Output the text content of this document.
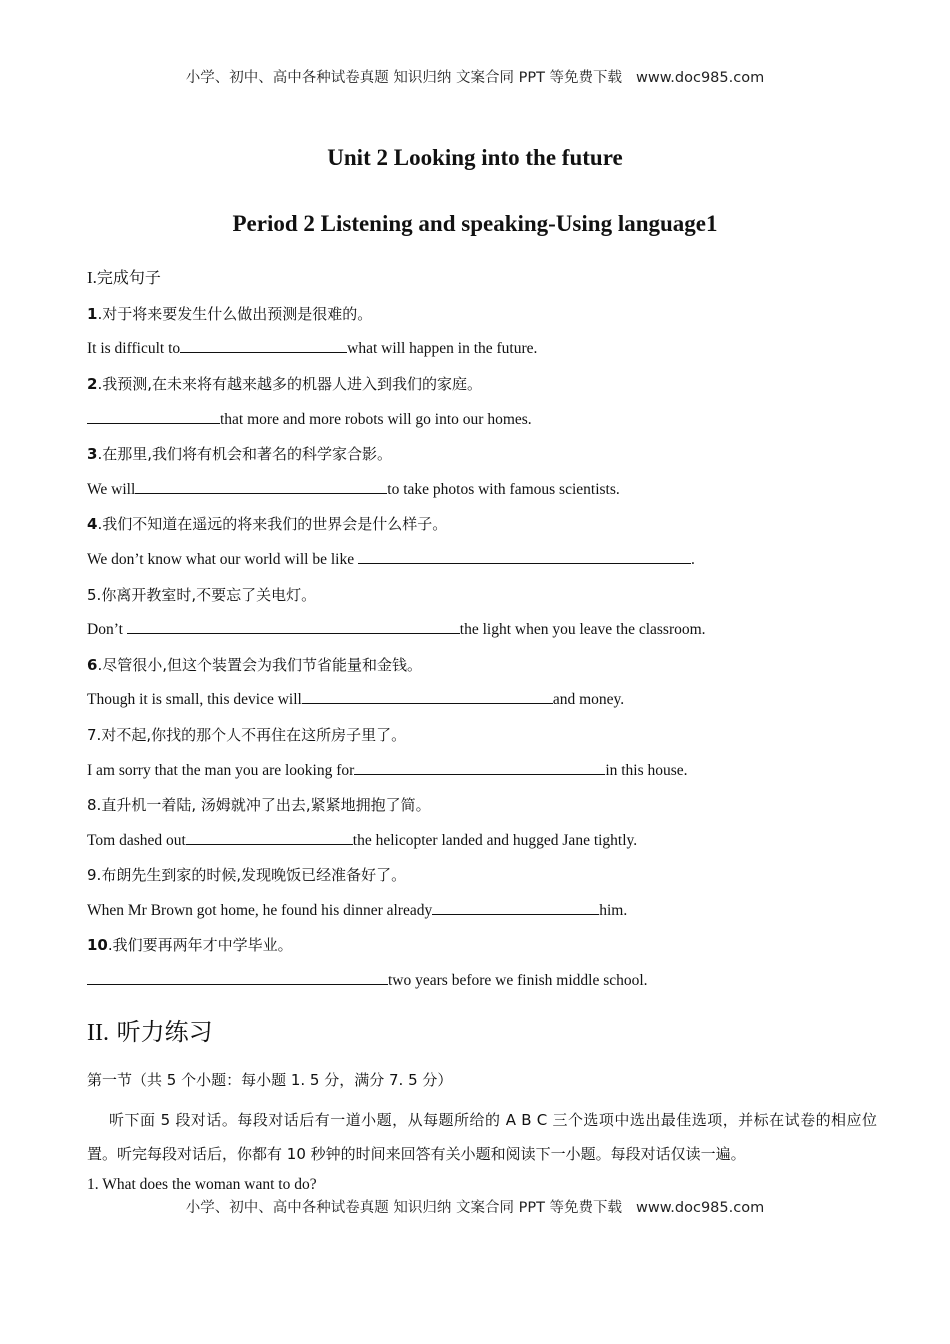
小学、初中、高中各种试卷真题 知识归纳 文案合同 PPT 等免费下载 www.doc985.com
Unit 2 Looking into the future
Period 2 Listening and speaking-Using language1
I.完成句子
1.对于将来要发生什么做出预测是很难的。
It is difficult to	what will happen in the future.
2.我预测,在未来将有越来越多的机器人进入到我们的家庭。
that more and more robots will go into our homes.
3.在那里,我们将有机会和著名的科学家合影。
We will	to take photos with famous scientists.
4.我们不知道在遥远的将来我们的世界会是什么样子。
We don’t know what our world will be like	.
5.你离开教室时,不要忘了关电灯。
Don’t	the light when you leave the classroom.
6.尽管很小,但这个装置会为我们节省能量和金钱。
Though it is small, this device will	and money.
7.对不起,你找的那个人不再住在这所房子里了。
I am sorry that the man you are looking for	in this house.
8.直升机一着陆, 汤姆就冲了出去,紧紧地拥抱了简。
Tom dashed out	the helicopter landed and hugged Jane tightly.
9.布朗先生到家的时候,发现晚饭已经准备好了。
When Mr Brown got home, he found his dinner already	him.
10.我们要再两年才中学毕业。
two years before we finish middle school.
II. 听力练习
第一节（共 5 个小题：每小题 1. 5 分，满分 7. 5 分）
听下面 5 段对话。每段对话后有一道小题，从每题所给的 A B C 三个选项中选出最佳选项，并标在试卷的相应位置。听完每段对话后，你都有 10 秒钟的时间来回答有关小题和阅读下一小题。每段对话仅读一遍。
1. What does the woman want to do?
小学、初中、高中各种试卷真题 知识归纳 文案合同 PPT 等免费下载 www.doc985.com
